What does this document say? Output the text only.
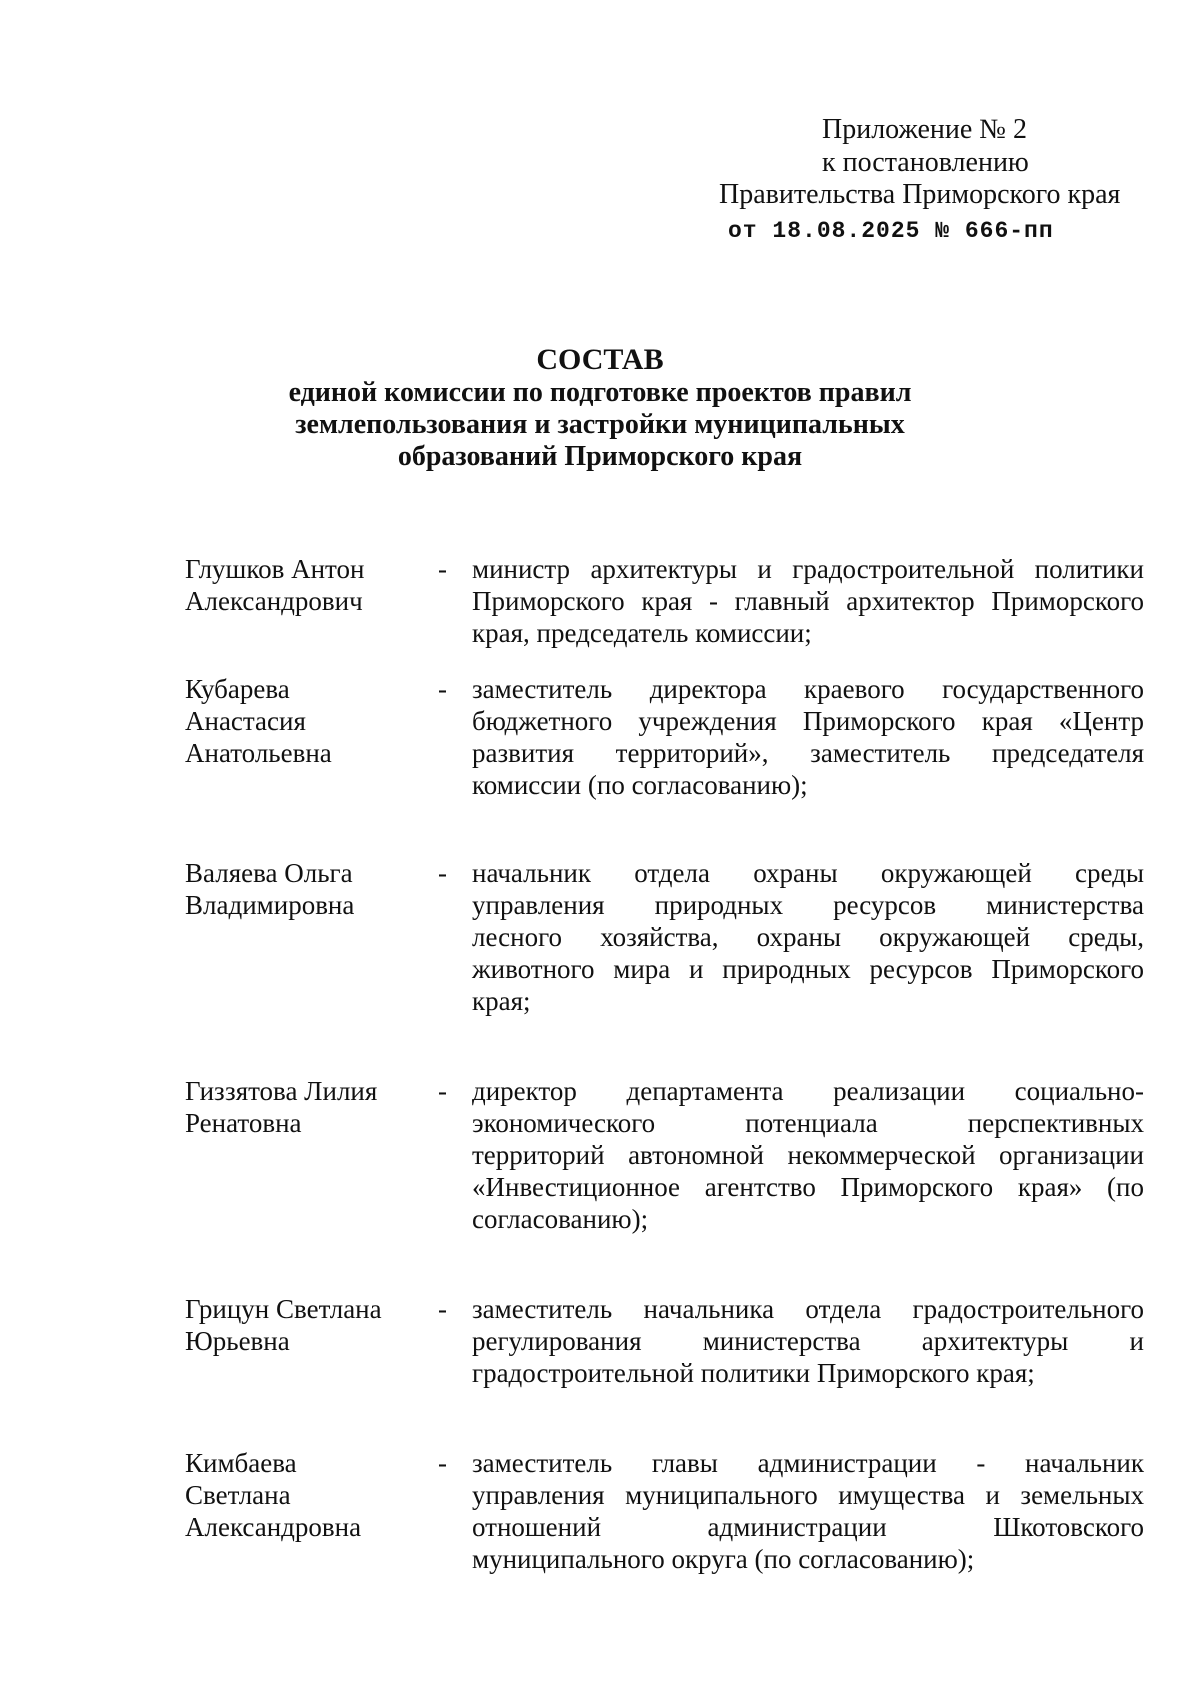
Приложение № 2
к постановлению
Правительства Приморского края
от 18.08.2025 № 666-пп
СОСТАВ
единой комиссии по подготовке проектов правил
землепользования и застройки муниципальных
образований Приморского края
Глушков Антон
Александрович
- министр архитектуры и градостроительной политики
Приморского края - главный архитектор Приморского
края, председатель комиссии;
Кубарева
Анастасия
Анатольевна
- заместитель директора краевого государственного
бюджетного учреждения Приморского края «Центр
развития территорий», заместитель председателя
комиссии (по согласованию);
Валяева Ольга
Владимировна
- начальник отдела охраны окружающей среды
управления природных ресурсов министерства
лесного хозяйства, охраны окружающей среды,
животного мира и природных ресурсов Приморского
края;
Гиззятова Лилия
Ренатовна
- директор департамента реализации социально-
экономического потенциала перспективных
территорий автономной некоммерческой организации
«Инвестиционное агентство Приморского края» (по
согласованию);
Грицун Светлана
Юрьевна
- заместитель начальника отдела градостроительного
регулирования министерства архитектуры и
градостроительной политики Приморского края;
Кимбаева
Светлана
Александровна
- заместитель главы администрации - начальник
управления муниципального имущества и земельных
отношений администрации Шкотовского
муниципального округа (по согласованию);
